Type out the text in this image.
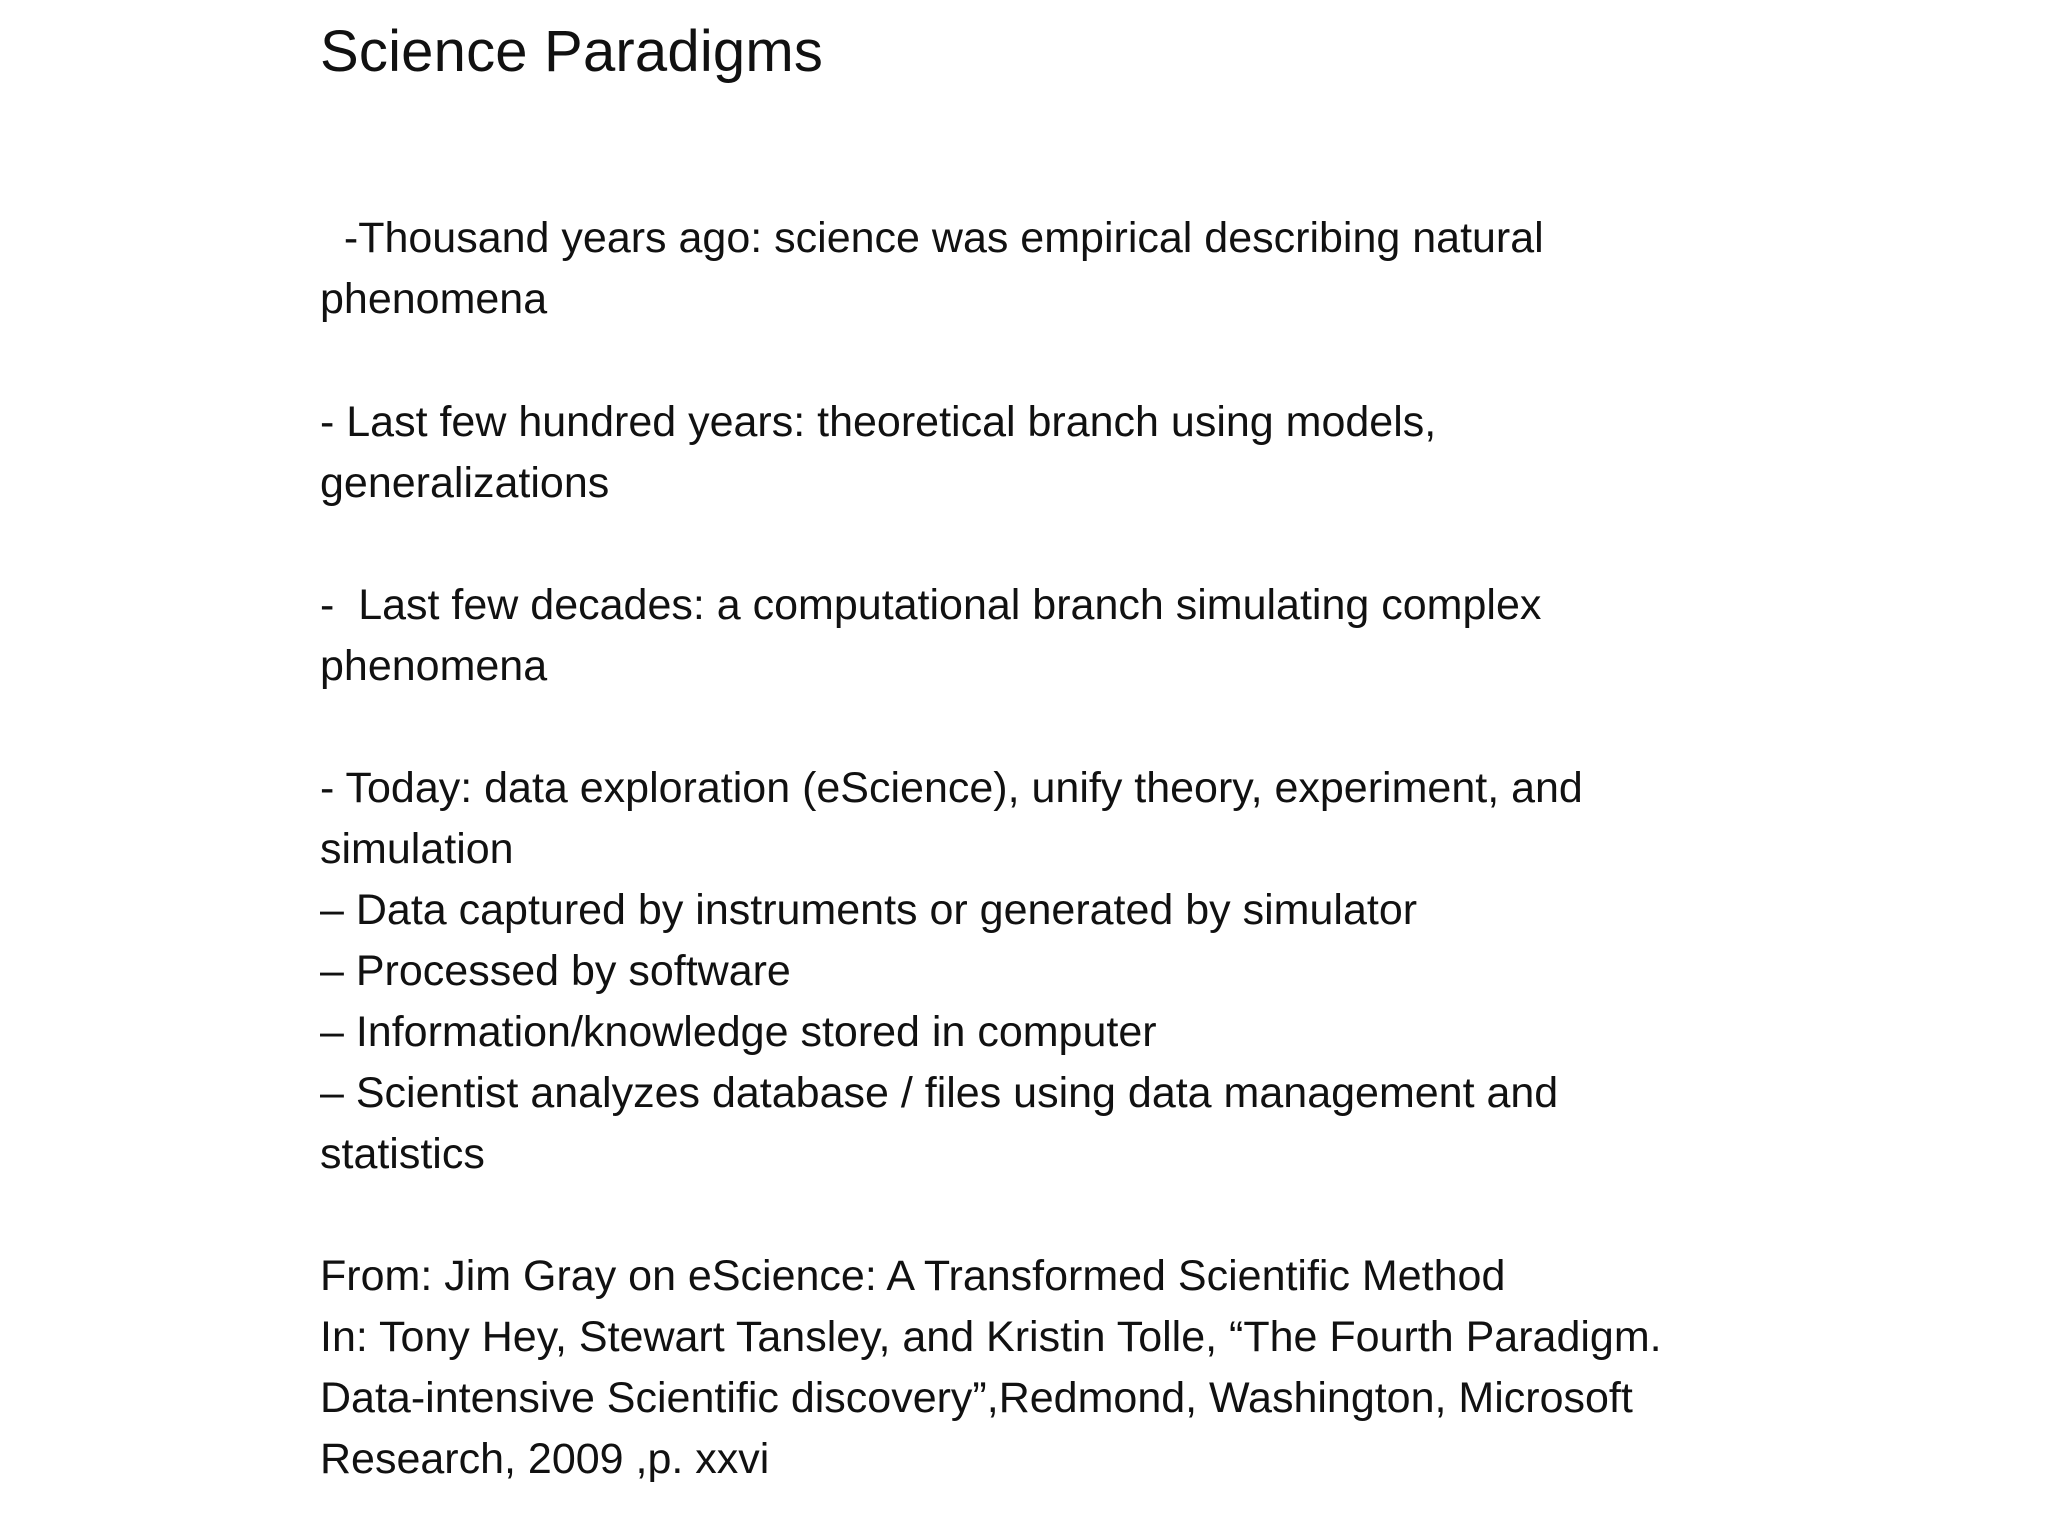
Science Paradigms
-Thousand years ago: science was empirical describing natural
phenomena
- Last few hundred years: theoretical branch using models,
generalizations
-  Last few decades: a computational branch simulating complex
phenomena
- Today: data exploration (eScience), unify theory, experiment, and
simulation
– Data captured by instruments or generated by simulator
– Processed by software
– Information/knowledge stored in computer
– Scientist analyzes database / files using data management and
statistics
From: Jim Gray on eScience: A Transformed Scientific Method
In: Tony Hey, Stewart Tansley, and Kristin Tolle, “The Fourth Paradigm.
Data-intensive Scientific discovery”,Redmond, Washington, Microsoft
Research, 2009 ,p. xxvi
